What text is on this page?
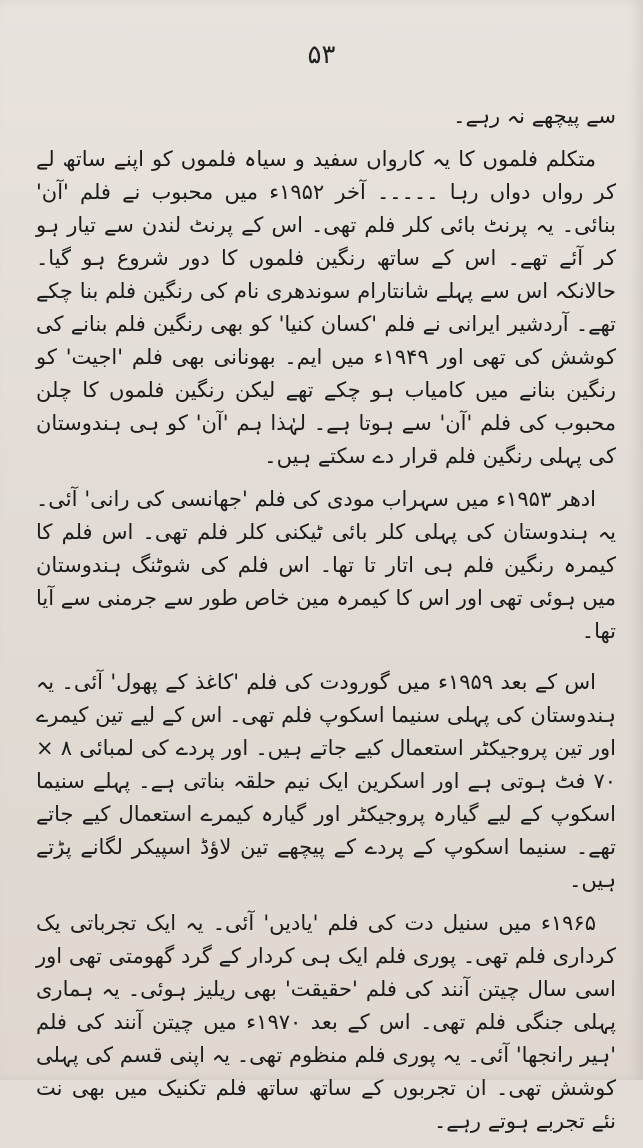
۵۳

سے پیچھے نہ رہے۔

متکلم فلموں کا یہ کارواں سفید و سیاہ فلموں کو اپنے ساتھ لے کر رواں دواں رہا ۔۔۔۔۔ آخر ۱۹۵۲ء میں محبوب نے فلم 'آن' بنائی۔ یہ پرنٹ بائی کلر فلم تھی۔ اس کے پرنٹ لندن سے تیار ہو کر آئے تھے۔ اس کے ساتھ رنگین فلموں کا دور شروع ہو گیا۔ حالانکہ اس سے پہلے شانتارام سوندھری نام کی رنگین فلم بنا چکے تھے۔ آردشیر ایرانی نے فلم 'کسان کنیا' کو بھی رنگین فلم بنانے کی کوشش کی تھی اور ۱۹۴۹ء میں ایم۔ بھونانی بھی فلم 'اجیت' کو رنگین بنانے میں کامیاب ہو چکے تھے لیکن رنگین فلموں کا چلن محبوب کی فلم 'آن' سے ہوتا ہے۔ لہٰذا ہم 'آن' کو ہی ہندوستان کی پہلی رنگین فلم قرار دے سکتے ہیں۔

ادھر ۱۹۵۳ء میں سہراب مودی کی فلم 'جھانسی کی رانی' آئی۔ یہ ہندوستان کی پہلی کلر بائی ٹیکنی کلر فلم تھی۔ اس فلم کا کیمرہ رنگین فلم ہی اتار تا تھا۔ اس فلم کی شوٹنگ ہندوستان میں ہوئی تھی اور اس کا کیمرہ مین خاص طور سے جرمنی سے آیا تھا۔

اس کے بعد ۱۹۵۹ء میں گورودت کی فلم 'کاغذ کے پھول' آئی۔ یہ ہندوستان کی پہلی سنیما اسکوپ فلم تھی۔ اس کے لیے تین کیمرے اور تین پروجیکٹر استعمال کیے جاتے ہیں۔ اور پردے کی لمبائی ۸ × ۷۰ فٹ ہوتی ہے اور اسکرین ایک نیم حلقہ بناتی ہے۔ پہلے سنیما اسکوپ کے لیے گیارہ پروجیکٹر اور گیارہ کیمرے استعمال کیے جاتے تھے۔ سنیما اسکوپ کے پردے کے پیچھے تین لاؤڈ اسپیکر لگانے پڑتے ہیں۔

۱۹۶۵ء میں سنیل دت کی فلم 'یادیں' آئی۔ یہ ایک تجرباتی یک کرداری فلم تھی۔ پوری فلم ایک ہی کردار کے گرد گھومتی تھی اور اسی سال چیتن آنند کی فلم 'حقیقت' بھی ریلیز ہوئی۔ یہ ہماری پہلی جنگی فلم تھی۔ اس کے بعد ۱۹۷۰ء میں چیتن آنند کی فلم 'ہیر رانجھا' آئی۔ یہ پوری فلم منظوم تھی۔ یہ اپنی قسم کی پہلی کوشش تھی۔ ان تجربوں کے ساتھ ساتھ فلم تکنیک میں بھی نت نئے تجربے ہوتے رہے۔
